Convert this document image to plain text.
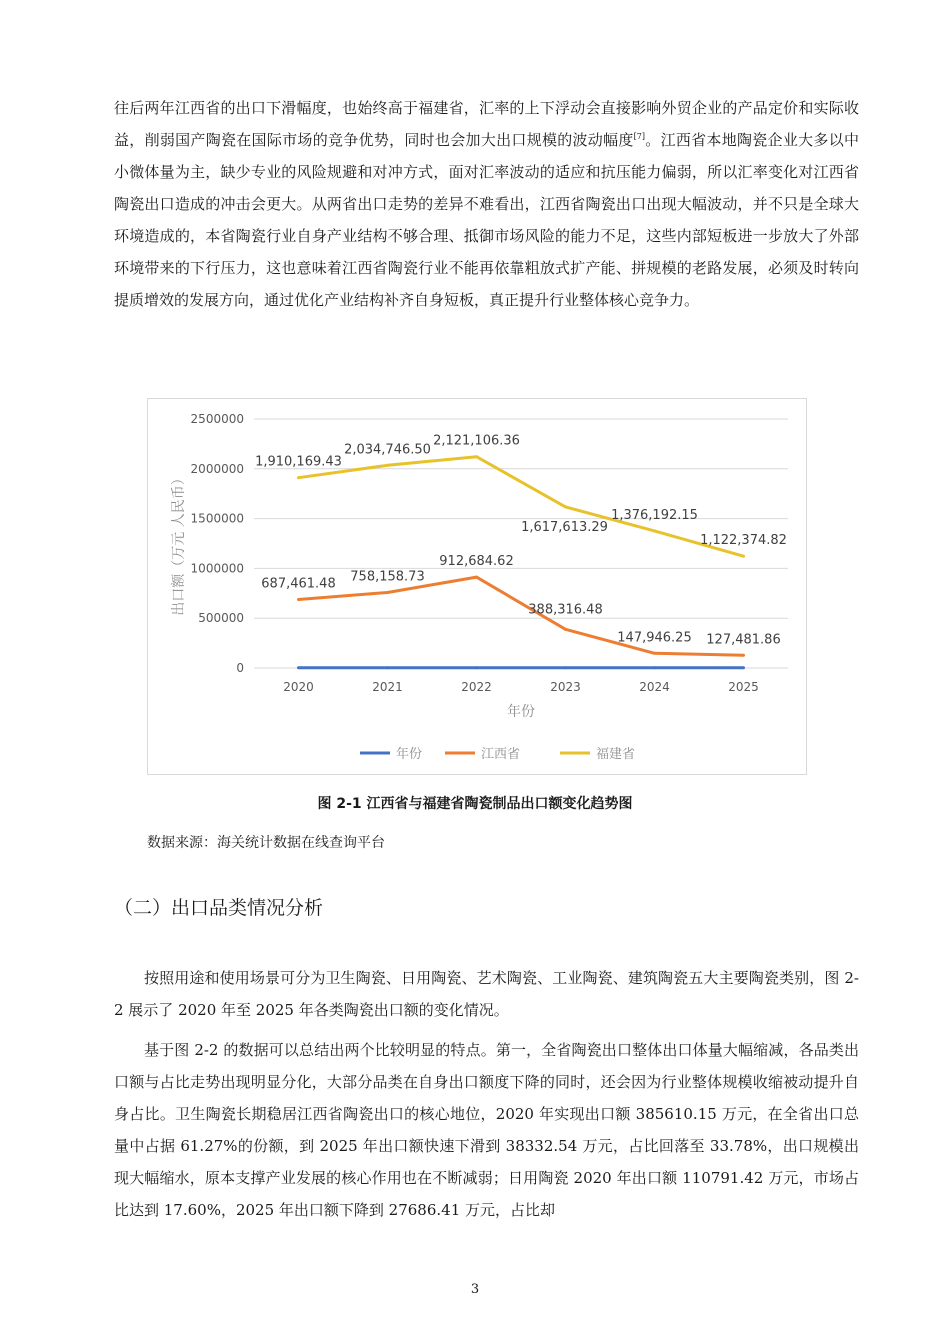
往后两年江西省的出口下滑幅度，也始终高于福建省，汇率的上下浮动会直接影响外贸企业的产品定价和实际收益，削弱国产陶瓷在国际市场的竞争优势，同时也会加大出口规模的波动幅度[7]。江西省本地陶瓷企业大多以中小微体量为主，缺少专业的风险规避和对冲方式，面对汇率波动的适应和抗压能力偏弱，所以汇率变化对江西省陶瓷出口造成的冲击会更大。从两省出口走势的差异不难看出，江西省陶瓷出口出现大幅波动，并不只是全球大环境造成的，本省陶瓷行业自身产业结构不够合理、抵御市场风险的能力不足，这些内部短板进一步放大了外部环境带来的下行压力，这也意味着江西省陶瓷行业不能再依靠粗放式扩产能、拼规模的老路发展，必须及时转向提质增效的发展方向，通过优化产业结构补齐自身短板，真正提升行业整体核心竞争力。

0
500000
1000000
1500000
2000000
2500000
2020	2021	2022	2023	2024	2025
年份
出口额（万元 人民币）	687,461.48 758,158.73
912,684.62
388,316.48
147,946.25 127,481.86
1,910,169.43
2,034,746.50
2,121,106.36
1,617,613.29
1,376,192.15
1,122,374.82
年份	江西省	福建省

图 2-1 江西省与福建省陶瓷制品出口额变化趋势图

数据来源：海关统计数据在线查询平台

（二）出口品类情况分析

按照用途和使用场景可分为卫生陶瓷、日用陶瓷、艺术陶瓷、工业陶瓷、建筑陶瓷五大主要陶瓷类别，图 2-2 展示了 2020 年至 2025 年各类陶瓷出口额的变化情况。

基于图 2-2 的数据可以总结出两个比较明显的特点。第一，全省陶瓷出口整体出口体量大幅缩减，各品类出口额与占比走势出现明显分化，大部分品类在自身出口额度下降的同时，还会因为行业整体规模收缩被动提升自身占比。卫生陶瓷长期稳居江西省陶瓷出口的核心地位，2020 年实现出口额 385610.15 万元，在全省出口总量中占据 61.27%的份额，到 2025 年出口额快速下滑到 38332.54 万元，占比回落至 33.78%，出口规模出现大幅缩水，原本支撑产业发展的核心作用也在不断减弱；日用陶瓷 2020 年出口额 110791.42 万元，市场占比达到 17.60%，2025 年出口额下降到 27686.41 万元，占比却

3
